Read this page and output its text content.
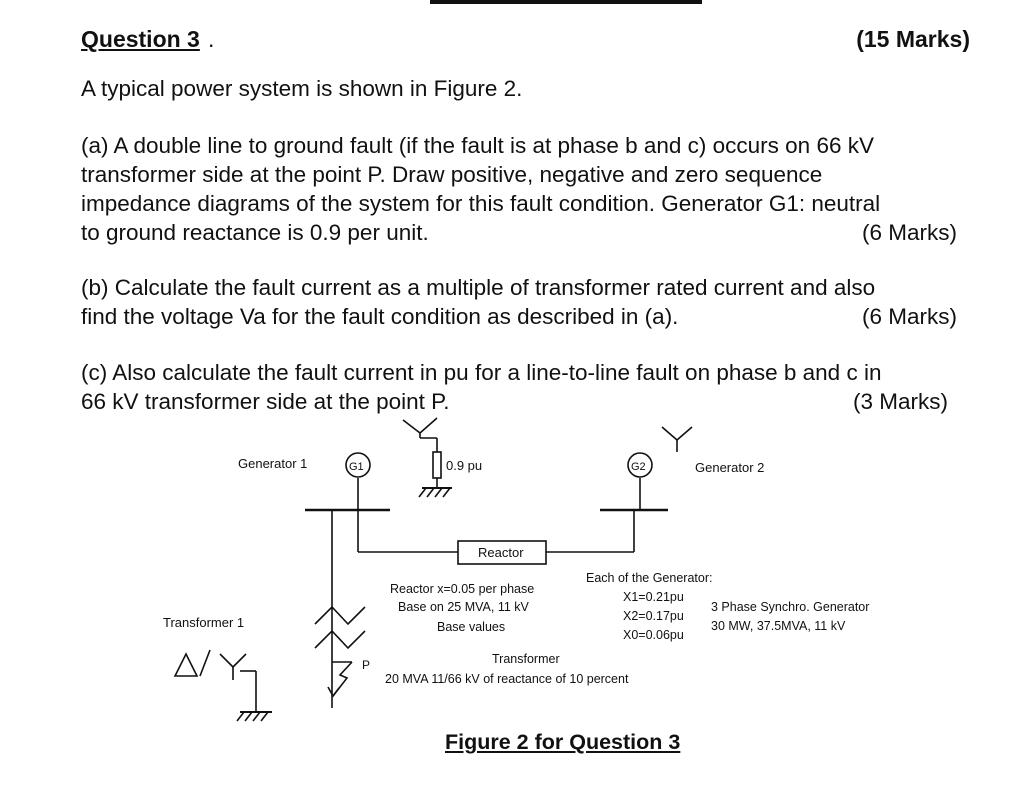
Question 3 .	(15 Marks)
A typical power system is shown in Figure 2.
(a) A double line to ground fault (if the fault is at phase b and c) occurs on 66 kV
transformer side at the point P. Draw positive, negative and zero sequence
impedance diagrams of the system for this fault condition. Generator G1: neutral
to ground reactance is 0.9 per unit.	(6 Marks)
(b) Calculate the fault current as a multiple of transformer rated current and also
find the voltage Va for the fault condition as described in (a).	(6 Marks)
(c) Also calculate the fault current in pu for a line-to-line fault on phase b and c in
66 kV transformer side at the point P.	(3 Marks)
Generator 1	G1	0.9 pu	G2	Generator 2
Reactor
Reactor x=0.05 per phase
Base on 25 MVA, 11 kV
Base values
Each of the Generator:
X1=0.21pu
X2=0.17pu
X0=0.06pu
3 Phase Synchro. Generator
30 MW, 37.5MVA, 11 kV
Transformer 1
P	Transformer
20 MVA 11/66 kV of reactance of 10 percent
Figure 2 for Question 3
